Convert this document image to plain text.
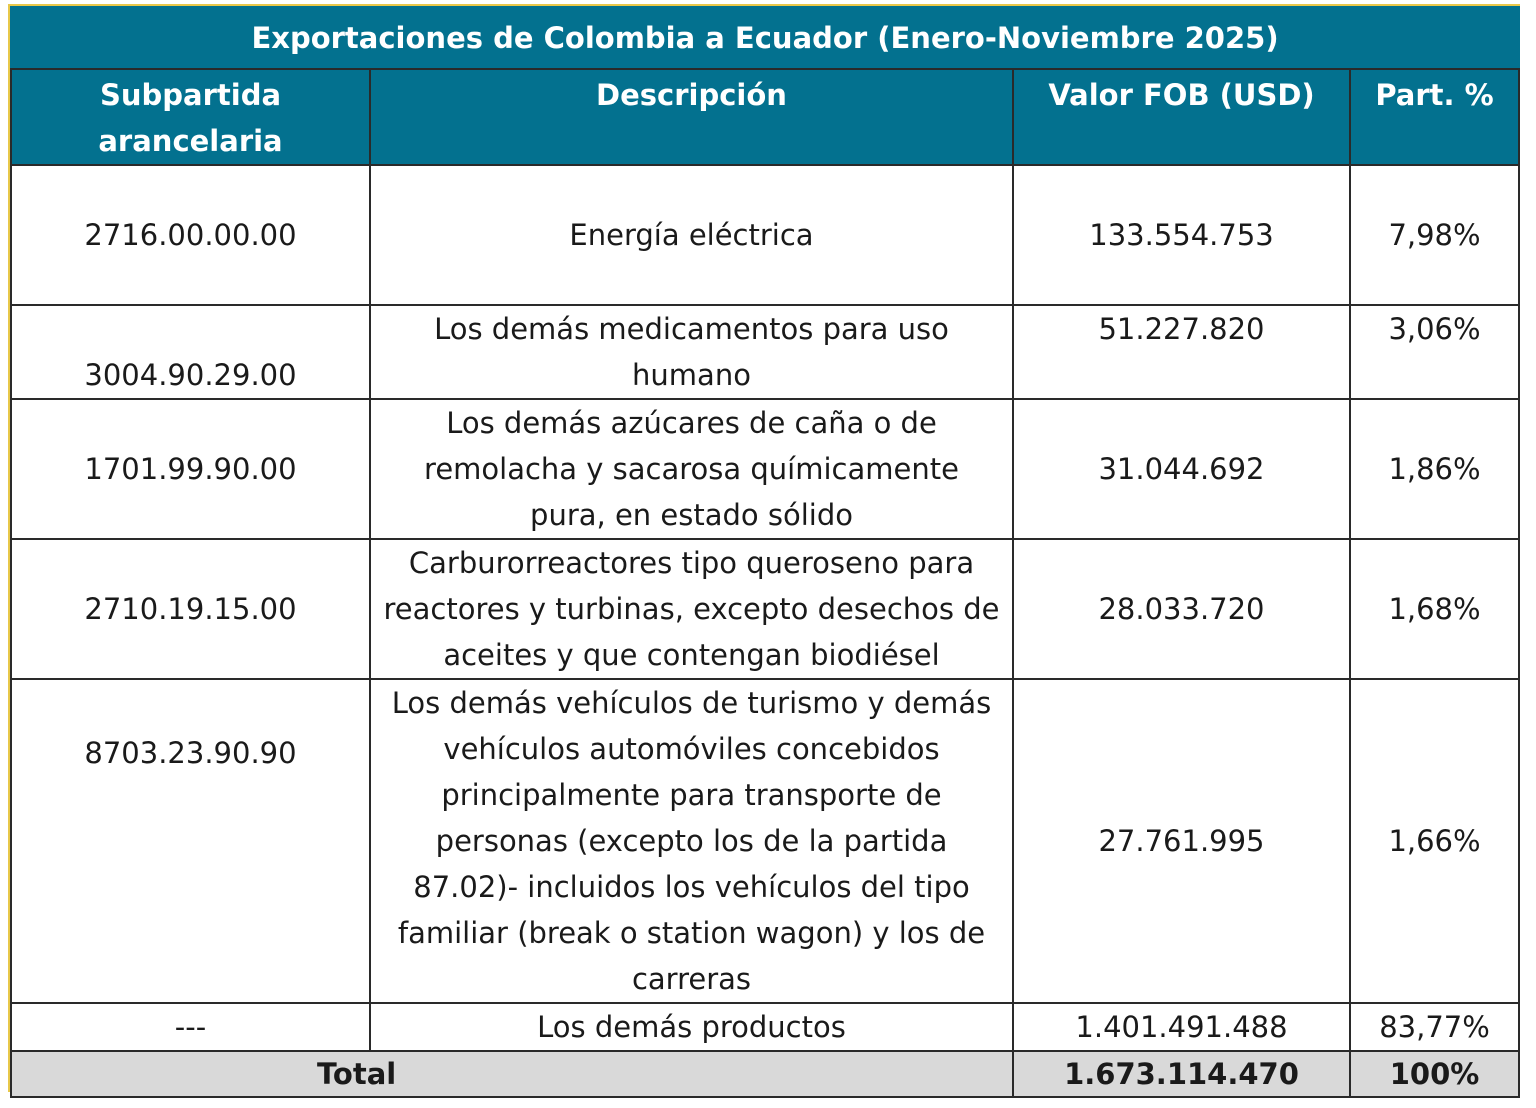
Exportaciones de Colombia a Ecuador (Enero-Noviembre 2025)			
Subpartida arancelaria	Descripción	Valor FOB (USD)	Part. %
2716.00.00.00	Energía eléctrica	133.554.753	7,98%
3004.90.29.00	Los demás medicamentos para uso humano	51.227.820	3,06%
1701.99.90.00	Los demás azúcares de caña o de remolacha y sacarosa químicamente pura, en estado sólido	31.044.692	1,86%
2710.19.15.00	Carburorreactores tipo queroseno para reactores y turbinas, excepto desechos de aceites y que contengan biodiésel	28.033.720	1,68%
8703.23.90.90	Los demás vehículos de turismo y demás vehículos automóviles concebidos principalmente para transporte de personas (excepto los de la partida 87.02)- incluidos los vehículos del tipo familiar (break o station wagon) y los de carreras	27.761.995	1,66%
---	Los demás productos	1.401.491.488	83,77%
Total		1.673.114.470	100%
